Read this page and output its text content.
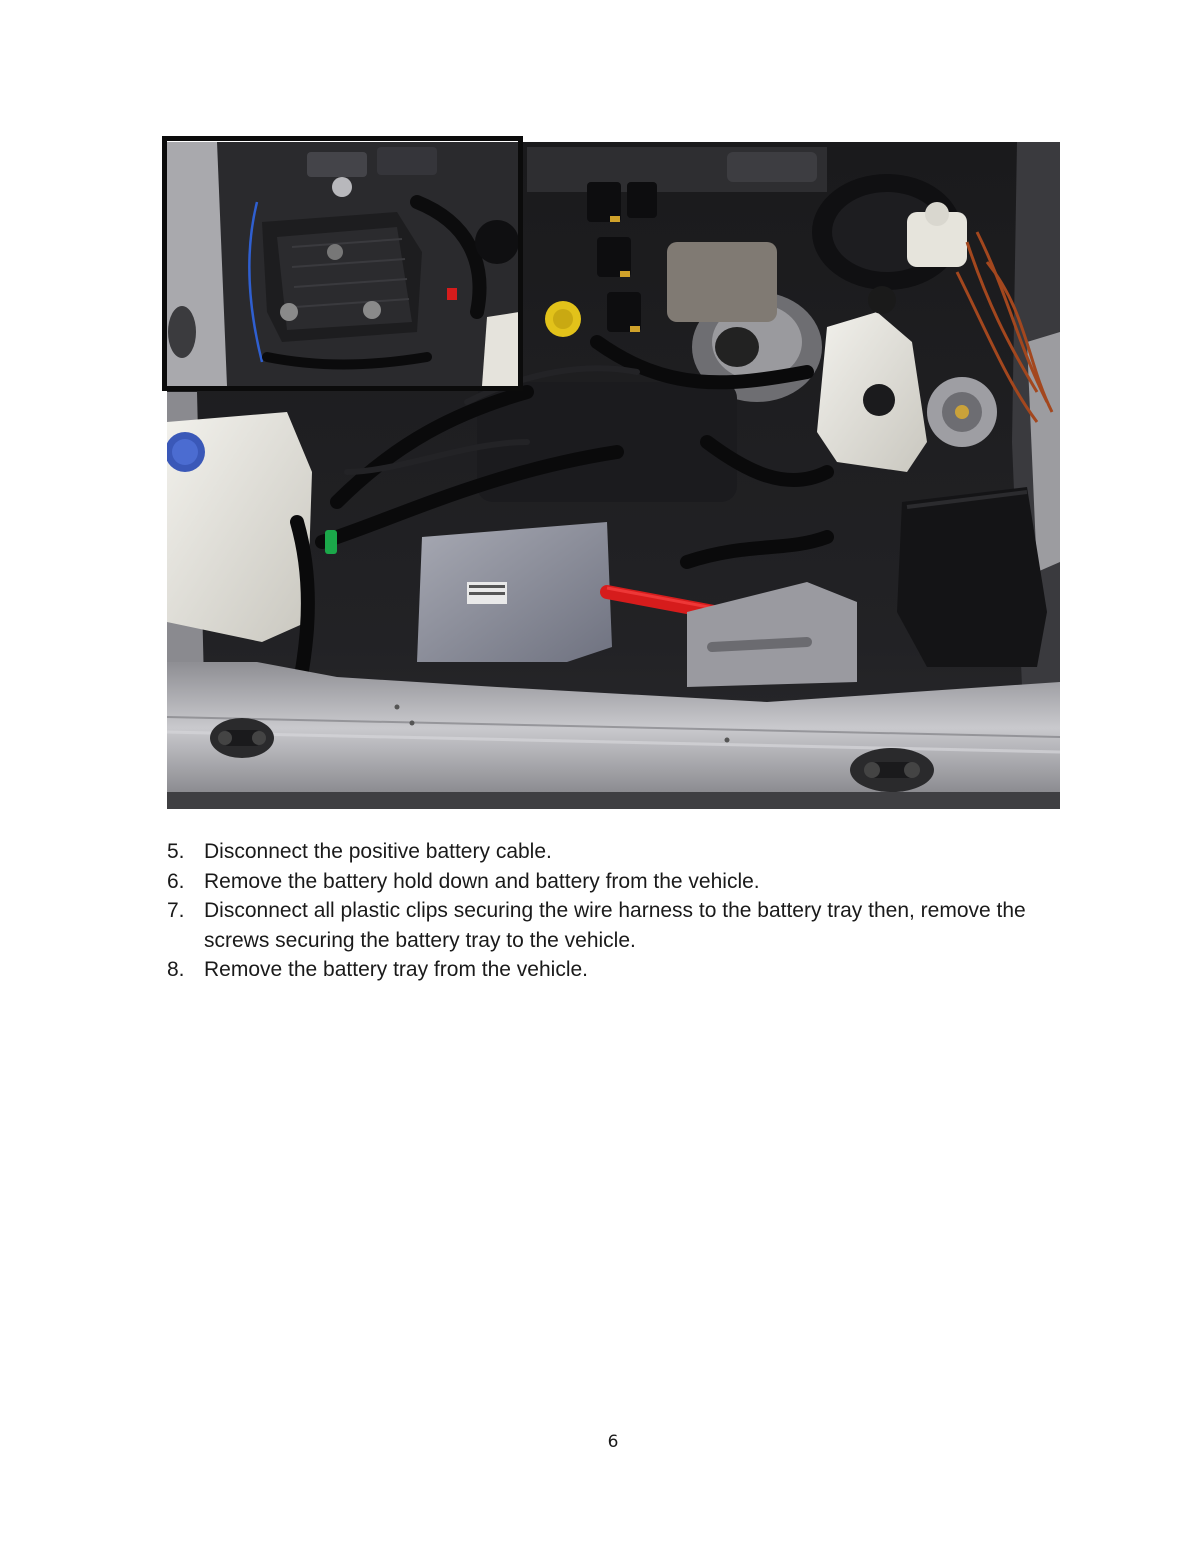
5. Disconnect the positive battery cable.
6. Remove the battery hold down and battery from the vehicle.
7. Disconnect all plastic clips securing the wire harness to the battery tray then, remove the screws securing the battery tray to the vehicle.
8. Remove the battery tray from the vehicle.
6
